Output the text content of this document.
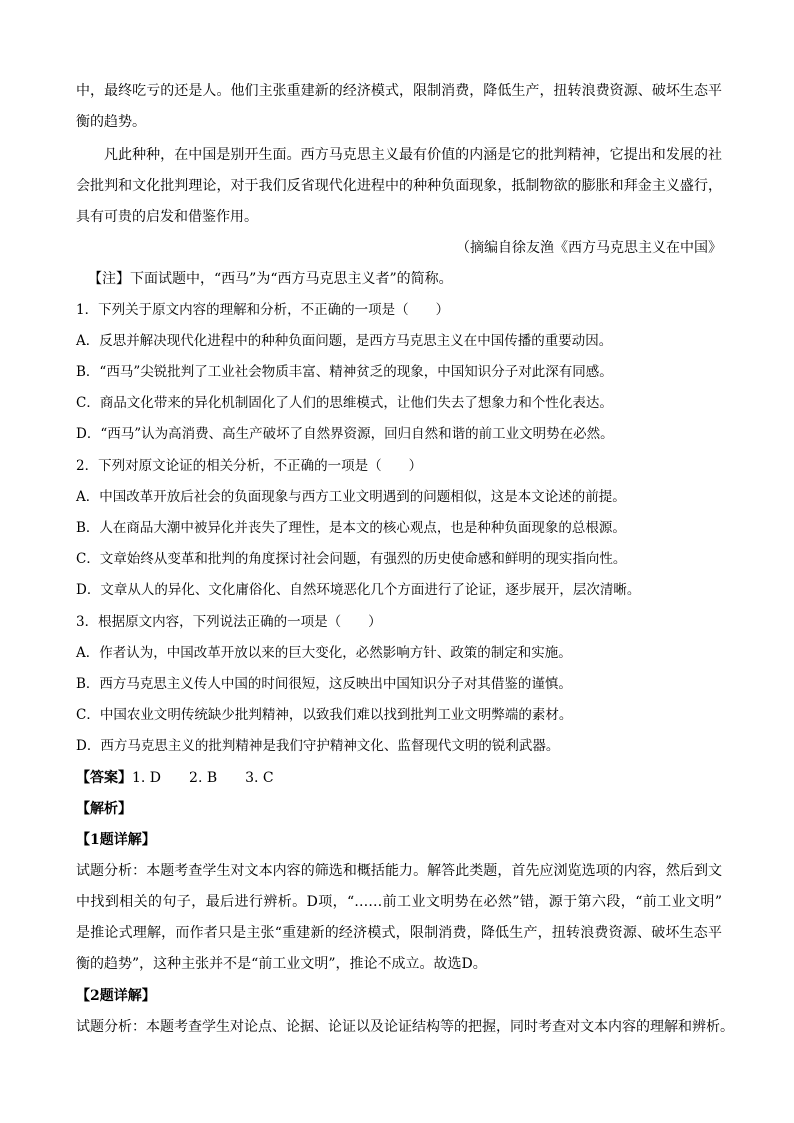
中，最终吃亏的还是人。他们主张重建新的经济模式，限制消费，降低生产，扭转浪费资源、破坏生态平
衡的趋势。
凡此种种，在中国是别开生面。西方马克思主义最有价值的内涵是它的批判精神，它提出和发展的社
会批判和文化批判理论，对于我们反省现代化进程中的种种负面现象，抵制物欲的膨胀和拜金主义盛行，
具有可贵的启发和借鉴作用。
（摘编自徐友渔《西方马克思主义在中国》
【注】下面试题中，“西马”为“西方马克思主义者”的简称。
1．下列关于原文内容的理解和分析，不正确的一项是（　　）
A．反思并解决现代化进程中的种种负面问题，是西方马克思主义在中国传播的重要动因。
B．“西马”尖锐批判了工业社会物质丰富、精神贫乏的现象，中国知识分子对此深有同感。
C．商品文化带来的异化机制固化了人们的思维模式，让他们失去了想象力和个性化表达。
D．“西马”认为高消费、高生产破坏了自然界资源，回归自然和谐的前工业文明势在必然。
2．下列对原文论证的相关分析，不正确的一项是（　　）
A．中国改革开放后社会的负面现象与西方工业文明遇到的问题相似，这是本文论述的前提。
B．人在商品大潮中被异化并丧失了理性，是本文的核心观点，也是种种负面现象的总根源。
C．文章始终从变革和批判的角度探讨社会问题，有强烈的历史使命感和鲜明的现实指向性。
D．文章从人的异化、文化庸俗化、自然环境恶化几个方面进行了论证，逐步展开，层次清晰。
3．根据原文内容，下列说法正确的一项是（　　）
A．作者认为，中国改革开放以来的巨大变化，必然影响方针、政策的制定和实施。
B．西方马克思主义传人中国的时间很短，这反映出中国知识分子对其借鉴的谨慎。
C．中国农业文明传统缺少批判精神，以致我们难以找到批判工业文明弊端的素材。
D．西方马克思主义的批判精神是我们守护精神文化、监督现代文明的锐利武器。
【答案】1. D　　2. B　　3. C
【解析】
【1题详解】
试题分析：本题考查学生对文本内容的筛选和概括能力。解答此类题，首先应浏览选项的内容，然后到文
中找到相关的句子，最后进行辨析。D项，“……前工业文明势在必然”错，源于第六段，“前工业文明”
是推论式理解，而作者只是主张“重建新的经济模式，限制消费，降低生产，扭转浪费资源、破坏生态平
衡的趋势”，这种主张并不是“前工业文明”，推论不成立。故选D。
【2题详解】
试题分析：本题考查学生对论点、论据、论证以及论证结构等的把握，同时考查对文本内容的理解和辨析。
